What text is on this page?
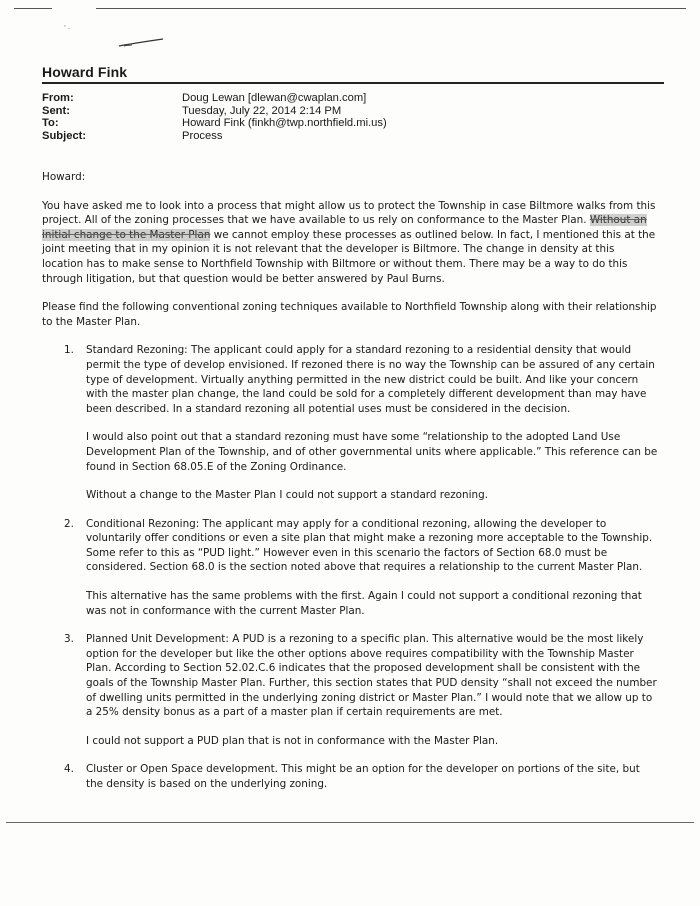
’ ·
Howard Fink
From:	Doug Lewan [dlewan@cwaplan.com]
Sent:	Tuesday, July 22, 2014 2:14 PM
To:	Howard Fink (finkh@twp.northfield.mi.us)
Subject:	Process

Howard:

You have asked me to look into a process that might allow us to protect the Township in case Biltmore walks from this project. All of the zoning processes that we have available to us rely on conformance to the Master Plan. Without an initial change to the Master Plan we cannot employ these processes as outlined below. In fact, I mentioned this at the joint meeting that in my opinion it is not relevant that the developer is Biltmore. The change in density at this location has to make sense to Northfield Township with Biltmore or without them. There may be a way to do this through litigation, but that question would be better answered by Paul Burns.

Please find the following conventional zoning techniques available to Northfield Township along with their relationship to the Master Plan.

1. Standard Rezoning: The applicant could apply for a standard rezoning to a residential density that would permit the type of develop envisioned. If rezoned there is no way the Township can be assured of any certain type of development. Virtually anything permitted in the new district could be built. And like your concern with the master plan change, the land could be sold for a completely different development than may have been described. In a standard rezoning all potential uses must be considered in the decision.

I would also point out that a standard rezoning must have some “relationship to the adopted Land Use Development Plan of the Township, and of other governmental units where applicable.” This reference can be found in Section 68.05.E of the Zoning Ordinance.

Without a change to the Master Plan I could not support a standard rezoning.

2. Conditional Rezoning: The applicant may apply for a conditional rezoning, allowing the developer to voluntarily offer conditions or even a site plan that might make a rezoning more acceptable to the Township. Some refer to this as “PUD light.” However even in this scenario the factors of Section 68.0 must be considered. Section 68.0 is the section noted above that requires a relationship to the current Master Plan.

This alternative has the same problems with the first. Again I could not support a conditional rezoning that was not in conformance with the current Master Plan.

3. Planned Unit Development: A PUD is a rezoning to a specific plan. This alternative would be the most likely option for the developer but like the other options above requires compatibility with the Township Master Plan. According to Section 52.02.C.6 indicates that the proposed development shall be consistent with the goals of the Township Master Plan. Further, this section states that PUD density “shall not exceed the number of dwelling units permitted in the underlying zoning district or Master Plan.” I would note that we allow up to a 25% density bonus as a part of a master plan if certain requirements are met.

I could not support a PUD plan that is not in conformance with the Master Plan.

4. Cluster or Open Space development. This might be an option for the developer on portions of the site, but the density is based on the underlying zoning.
